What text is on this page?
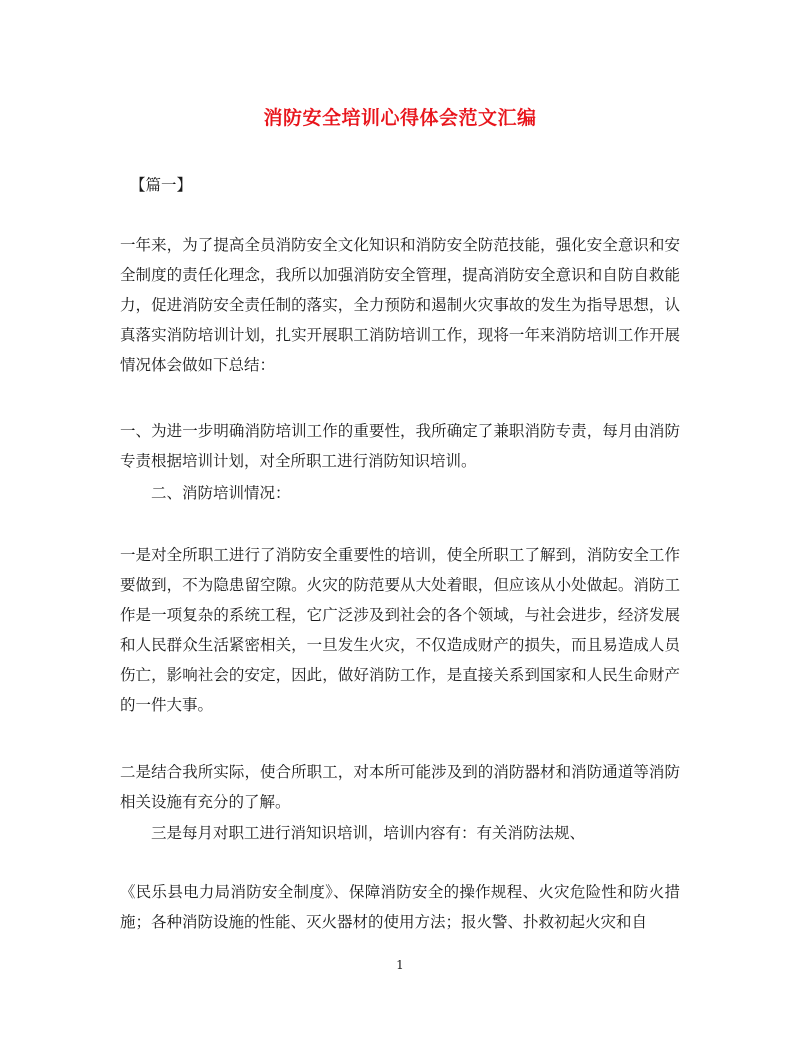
消防安全培训心得体会范文汇编

【篇一】

一年来，为了提高全员消防安全文化知识和消防安全防范技能，强化安全意识和安全制度的责任化理念，我所以加强消防安全管理，提高消防安全意识和自防自救能力，促进消防安全责任制的落实，全力预防和遏制火灾事故的发生为指导思想，认真落实消防培训计划，扎实开展职工消防培训工作，现将一年来消防培训工作开展情况体会做如下总结：

一、为进一步明确消防培训工作的重要性，我所确定了兼职消防专责，每月由消防专责根据培训计划，对全所职工进行消防知识培训。

二、消防培训情况：

一是对全所职工进行了消防安全重要性的培训，使全所职工了解到，消防安全工作要做到，不为隐患留空隙。火灾的防范要从大处着眼，但应该从小处做起。消防工作是一项复杂的系统工程，它广泛涉及到社会的各个领域，与社会进步，经济发展和人民群众生活紧密相关，一旦发生火灾，不仅造成财产的损失，而且易造成人员伤亡，影响社会的安定，因此，做好消防工作，是直接关系到国家和人民生命财产的一件大事。

二是结合我所实际，使合所职工，对本所可能涉及到的消防器材和消防通道等消防相关设施有充分的了解。

三是每月对职工进行消知识培训，培训内容有：有关消防法规、

《民乐县电力局消防安全制度》、保障消防安全的操作规程、火灾危险性和防火措施；各种消防设施的性能、灭火器材的使用方法；报火警、扑救初起火灾和自

1
